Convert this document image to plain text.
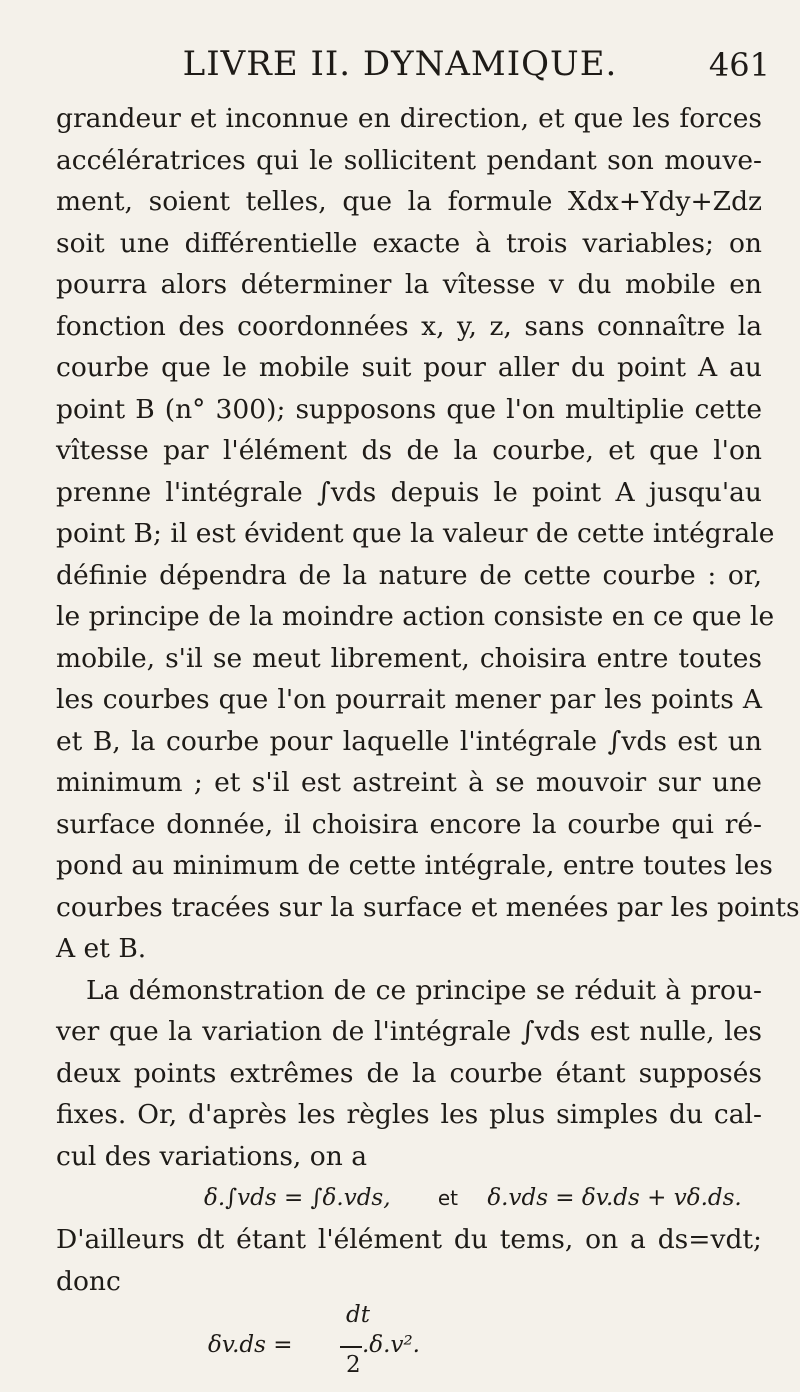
LIVRE II. DYNAMIQUE.	461
grandeur et inconnue en direction, et que les forces
accélératrices qui le sollicitent pendant son mouve-
ment, soient telles, que la formule Xdx+Ydy+Zdz
soit une différentielle exacte à trois variables; on
pourra alors déterminer la vîtesse v du mobile en
fonction des coordonnées x, y, z, sans connaître la
courbe que le mobile suit pour aller du point A au
point B (n° 300); supposons que l'on multiplie cette
vîtesse par l'élément ds de la courbe, et que l'on
prenne l'intégrale ∫vds depuis le point A jusqu'au
point B; il est évident que la valeur de cette intégrale
définie dépendra de la nature de cette courbe : or,
le principe de la moindre action consiste en ce que le
mobile, s'il se meut librement, choisira entre toutes
les courbes que l'on pourrait mener par les points A
et B, la courbe pour laquelle l'intégrale ∫vds est un
minimum ; et s'il est astreint à se mouvoir sur une
surface donnée, il choisira encore la courbe qui ré-
pond au minimum de cette intégrale, entre toutes les
courbes tracées sur la surface et menées par les points
A et B.
La démonstration de ce principe se réduit à prou-
ver que la variation de l'intégrale ∫vds est nulle, les
deux points extrêmes de la courbe étant supposés
fixes. Or, d'après les règles les plus simples du cal-
cul des variations, on a
δ.∫vds = ∫δ.vds, et δ.vds = δv.ds + vδ.ds.
D'ailleurs dt étant l'élément du tems, on a ds=vdt;
donc
δv.ds =
dt
2
.δ.v².
